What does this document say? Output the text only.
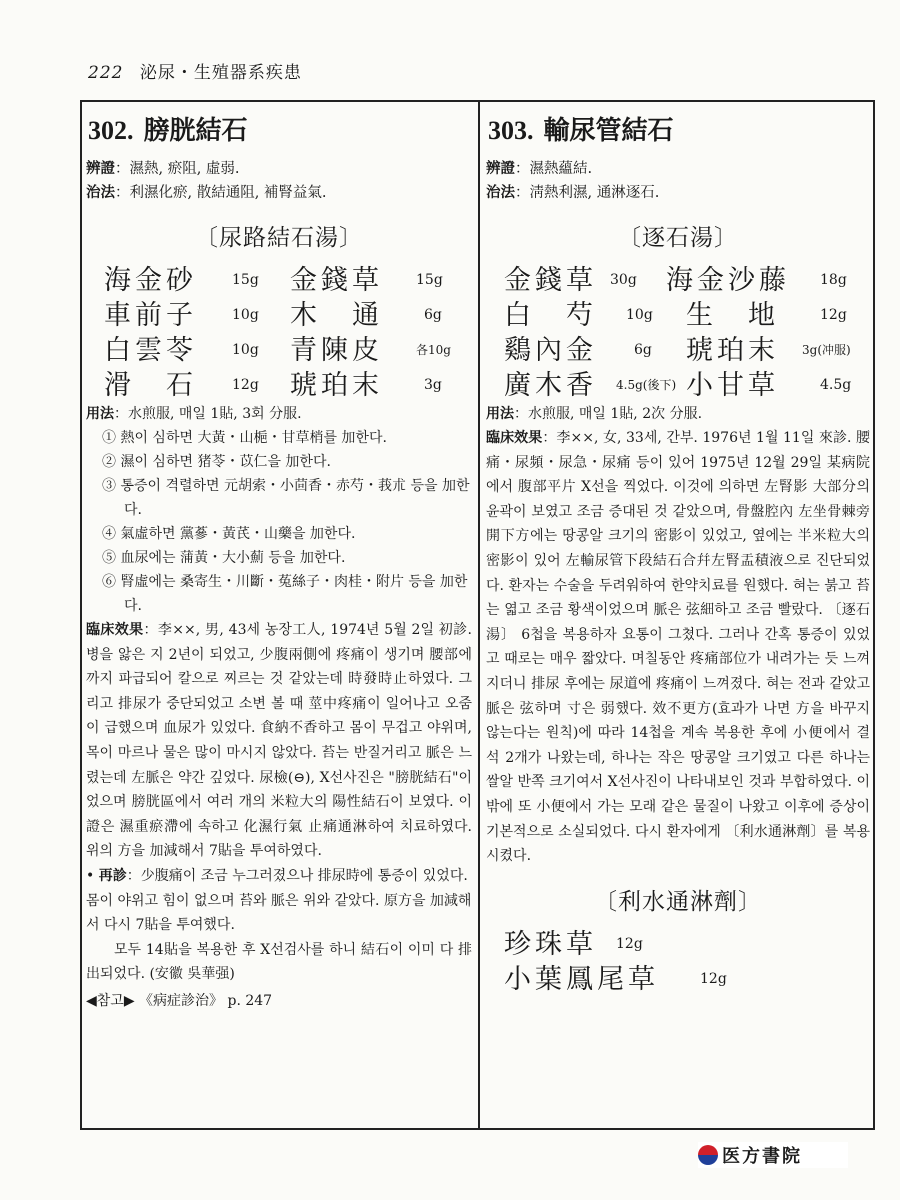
222 泌尿・生殖器系疾患
302. 膀胱結石
辨證：濕熱, 瘀阻, 虛弱.
治法：利濕化瘀, 散結通阻, 補腎益氣.
〔尿路結石湯〕
海金砂	15g 金錢草 15g
車前子	10g 木　通	6g
白雲苓	10g 青陳皮	各10g
滑　石	12g 琥珀末	3g
用法：水煎服, 매일 1貼, 3회 分服.
① 熱이 심하면 大黃・山梔・甘草梢를 加한다.
② 濕이 심하면 猪苓・苡仁을 加한다.
③ 통증이 격렬하면 元胡索・小茴香・赤芍・莪朮 등을 加한다.
④ 氣虛하면 黨蔘・黃芪・山藥을 加한다.
⑤ 血尿에는 蒲黃・大小薊 등을 加한다.
⑥ 腎虛에는 桑寄生・川斷・菟絲子・肉桂・附片 등을 加한다.
臨床效果：李××, 男, 43세 농장工人, 1974년 5월 2일 初診. 병을 앓은 지 2년이 되었고, 少腹兩側에 疼痛이 생기며 腰部에까지 파급되어 칼으로 찌르는 것 같았는데 時發時止하였다. 그리고 排尿가 중단되었고 소변 볼 때 莖中疼痛이 일어나고 오줌이 급했으며 血尿가 있었다. 食納不香하고 몸이 무겁고 야위며, 목이 마르나 물은 많이 마시지 않았다. 苔는 반질거리고 脈은 느렸는데 左脈은 약간 깊었다. 尿檢(⊖), X선사진은 "膀胱結石"이었으며 膀胱區에서 여러 개의 米粒大의 陽性結石이 보였다. 이 證은 濕重瘀滯에 속하고 化濕行氣 止痛通淋하여 치료하였다. 위의 方을 加減해서 7貼을 투여하였다.
• 再診：少腹痛이 조금 누그러졌으나 排尿時에 통증이 있었다. 몸이 야위고 힘이 없으며 苔와 脈은 위와 같았다. 原方을 加減해서 다시 7貼을 투여했다.
모두 14貼을 복용한 후 X선검사를 하니 結石이 이미 다 排出되었다. (安徽 吳華强)
◀참고▶ 《病症診治》 p. 247
303. 輸尿管結石
辨證：濕熱蘊結.
治法：淸熱利濕, 通淋逐石.
〔逐石湯〕
金錢草 30g 海金沙藤 18g
白　芍 10g 生　地	12g
鷄內金	6g 琥珀末 3g(冲服)
廣木香 4.5g(後下) 小甘草	4.5g
用法：水煎服, 매일 1貼, 2次 分服.
臨床效果：李××, 女, 33세, 간부. 1976년 1월 11일 來診. 腰痛・尿頻・尿急・尿痛 등이 있어 1975년 12월 29일 某病院에서 腹部平片 X선을 찍었다. 이것에 의하면 左腎影 大部分의 윤곽이 보였고 조금 증대된 것 같았으며, 骨盤腔內 左坐骨棘旁開下方에는 땅콩알 크기의 密影이 있었고, 옆에는 半米粒大의 密影이 있어 左輸尿管下段結石合幷左腎盂積液으로 진단되었다. 환자는 수술을 두려워하여 한약치료를 원했다. 혀는 붉고 苔는 엷고 조금 황색이었으며 脈은 弦細하고 조금 빨랐다. 〔逐石湯〕 6첩을 복용하자 요통이 그쳤다. 그러나 간혹 통증이 있었고 때로는 매우 짧았다. 며칠동안 疼痛部位가 내려가는 듯 느껴지더니 排尿 후에는 尿道에 疼痛이 느껴졌다. 혀는 전과 같았고 脈은 弦하며 寸은 弱했다. 效不更方(효과가 나면 方을 바꾸지 않는다는 원칙)에 따라 14첩을 계속 복용한 후에 小便에서 결석 2개가 나왔는데, 하나는 작은 땅콩알 크기였고 다른 하나는 쌀알 반쪽 크기여서 X선사진이 나타내보인 것과 부합하였다. 이밖에 또 小便에서 가는 모래 같은 물질이 나왔고 이후에 증상이 기본적으로 소실되었다. 다시 환자에게 〔利水通淋劑〕를 복용시켰다.
〔利水通淋劑〕
珍珠草 12g
小葉鳳尾草	12g
医方書院
